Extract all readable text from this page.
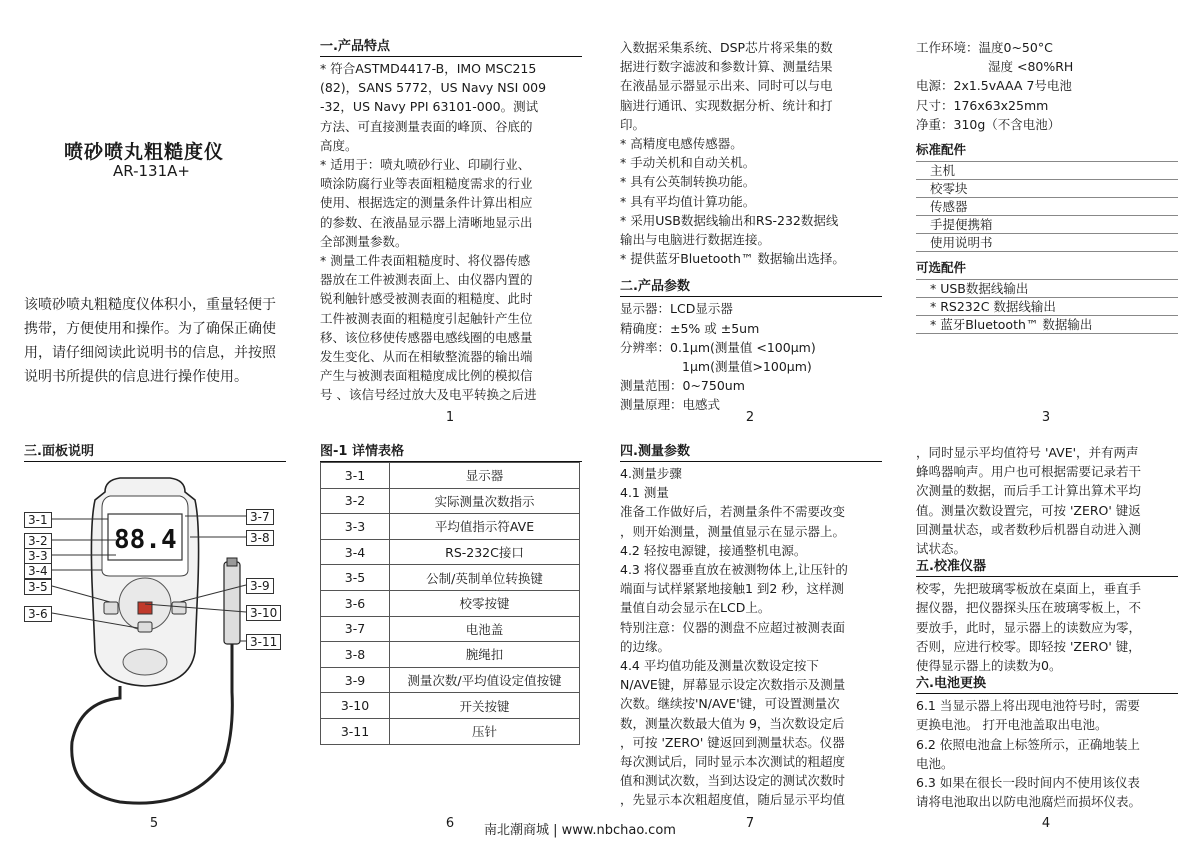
喷砂喷丸粗糙度仪
AR-131A+
该喷砂喷丸粗糙度仪体积小，重量轻便于携带，方便使用和操作。为了确保正确使用，请仔细阅读此说明书的信息，并按照说明书所提供的信息进行操作使用。
1
一.产品特点

* 符合ASTMD4417-B，IMO MSC215

(82)，SANS 5772，US Navy NSI 009

-32，US Navy PPI 63101-000。测试

方法、可直接测量表面的峰顶、谷底的

高度。

* 适用于：喷丸喷砂行业、印刷行业、

喷涂防腐行业等表面粗糙度需求的行业

使用、根据选定的测量条件计算出相应

的参数、在液晶显示器上清晰地显示出

全部测量参数。

* 测量工件表面粗糙度时、将仪器传感

器放在工件被测表面上、由仪器内置的

锐利触针感受被测表面的粗糙度、此时

工件被测表面的粗糙度引起触针产生位

移、该位移使传感器电感线圈的电感量

发生变化、从而在相敏整流器的输出端

产生与被测表面粗糙度成比例的模拟信

号 、该信号经过放大及电平转换之后进

2

入数据采集系统、DSP芯片将采集的数

据进行数字滤波和参数计算、测量结果

在液晶显示器显示出来、同时可以与电

脑进行通讯、实现数据分析、统计和打

印。

* 高精度电感传感器。

* 手动关机和自动关机。

* 具有公英制转换功能。

* 具有平均值计算功能。

* 采用USB数据线输出和RS-232数据线

输出与电脑进行数据连接。

* 提供蓝牙Bluetooth™ 数据输出选择。

二.产品参数

显示器：LCD显示器

精确度：±5% 或 ±5um

分辨率：0.1μm(测量值 <100μm)

1μm(测量值>100μm)

测量范围：0~750um

测量原理：电感式

3

工作环境：温度0~50°C

湿度 <80%RH

电源：2x1.5vAAA 7号电池

尺寸：176x63x25mm

净重：310g（不含电池）

标准配件

主机

校零块

传感器

手提便携箱

使用说明书

可选配件

* USB数据线输出

* RS232C 数据线输出

* 蓝牙Bluetooth™ 数据输出

三.面板说明
88.4
3-1
3-2
3-3
3-4
3-5
3-6
3-7
3-8
3-9
3-10
3-11
5
图-1 详情表格
3-1	显示器
3-2	实际测量次数指示
3-3	平均值指示符AVE
3-4	RS-232C接口
3-5	公制/英制单位转换键
3-6	校零按键
3-7	电池盖
3-8	腕绳扣
3-9	测量次数/平均值设定值按键
3-10	开关按键
3-11	压针
6
四.测量参数

4.测量步骤

4.1 测量

准备工作做好后，若测量条件不需要改变

，则开始测量，测量值显示在显示器上。

4.2 轻按电源键，接通整机电源。

4.3 将仪器垂直放在被测物体上,让压针的

端面与试样紧紧地接触1 到2 秒，这样测

量值自动会显示在LCD上。

特别注意：仪器的测盘不应超过被测表面

的边缘。

4.4 平均值功能及测量次数设定按下

N/AVE键，屏幕显示设定次数指示及测量

次数。继续按'N/AVE'键，可设置测量次

数，测量次数最大值为 9，当次数设定后

，可按 'ZERO' 键返回到测量状态。仪器

每次测试后，同时显示本次测试的粗超度

值和测试次数，当到达设定的测试次数时

，先显示本次粗超度值，随后显示平均值

7

，同时显示平均值符号 'AVE'，并有两声

蜂鸣器响声。用户也可根据需要记录若干

次测量的数据，而后手工计算出算术平均

值。测量次数设置完，可按 'ZERO' 键返

回测量状态，或者数秒后机器自动进入测

试状态。

五.校准仪器

校零，先把玻璃零板放在桌面上，垂直手

握仪器，把仪器探头压在玻璃零板上，不

要放手，此时，显示器上的读数应为零，

否则，应进行校零。即轻按 'ZERO' 键，

使得显示器上的读数为0。

六.电池更换

6.1 当显示器上将出现电池符号时，需要

更换电池。 打开电池盖取出电池。

6.2 依照电池盒上标签所示，正确地装上

电池。

6.3 如果在很长一段时间内不使用该仪表

请将电池取出以防电池腐烂而损坏仪表。

4
南北潮商城 | www.nbchao.com
